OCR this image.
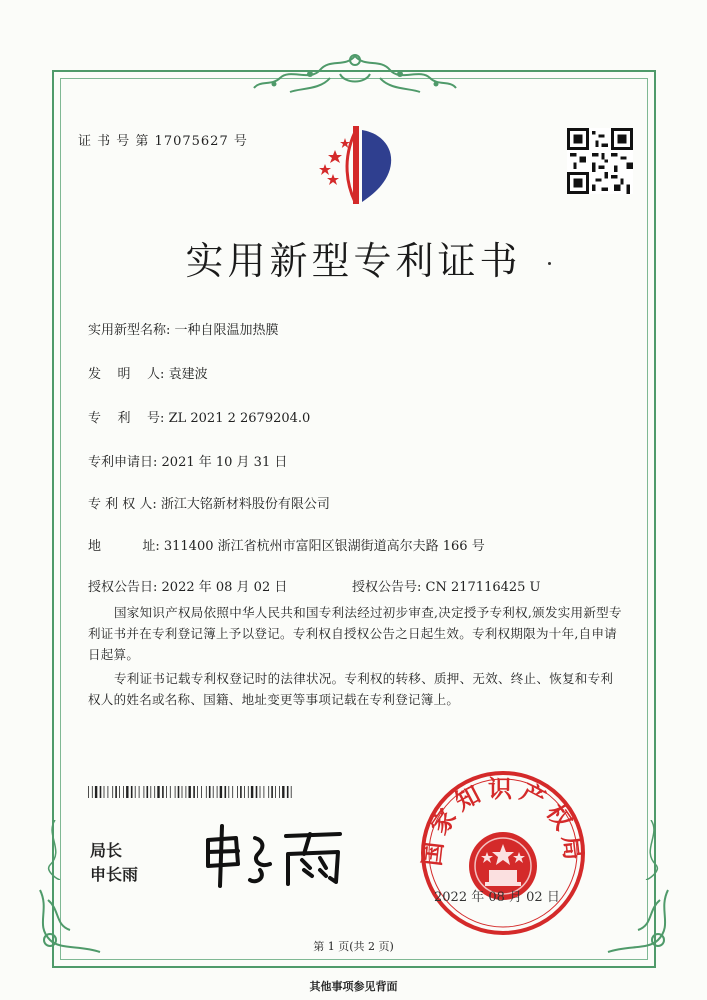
证 书 号 第 17075627 号
实用新型专利证书
实用新型名称: 一种自限温加热膜
发    明    人: 袁建波
专    利    号: ZL 2021 2 2679204.0
专利申请日: 2021 年 10 月 31 日
专 利 权 人: 浙江大铭新材料股份有限公司
地          址: 311400 浙江省杭州市富阳区银湖街道高尔夫路 166 号
授权公告日: 2022 年 08 月 02 日	授权公告号: CN 217116425 U

国家知识产权局依照中华人民共和国专利法经过初步审查,决定授予专利权,颁发实用新型专利证书并在专利登记簿上予以登记。专利权自授权公告之日起生效。专利权期限为十年,自申请日起算。

专利证书记载专利权登记时的法律状况。专利权的转移、质押、无效、终止、恢复和专利权人的姓名或名称、国籍、地址变更等事项记载在专利登记簿上。

局长
申长雨
国家知识产权局
2022 年 08 月 02 日
第 1 页(共 2 页)
其他事项参见背面
